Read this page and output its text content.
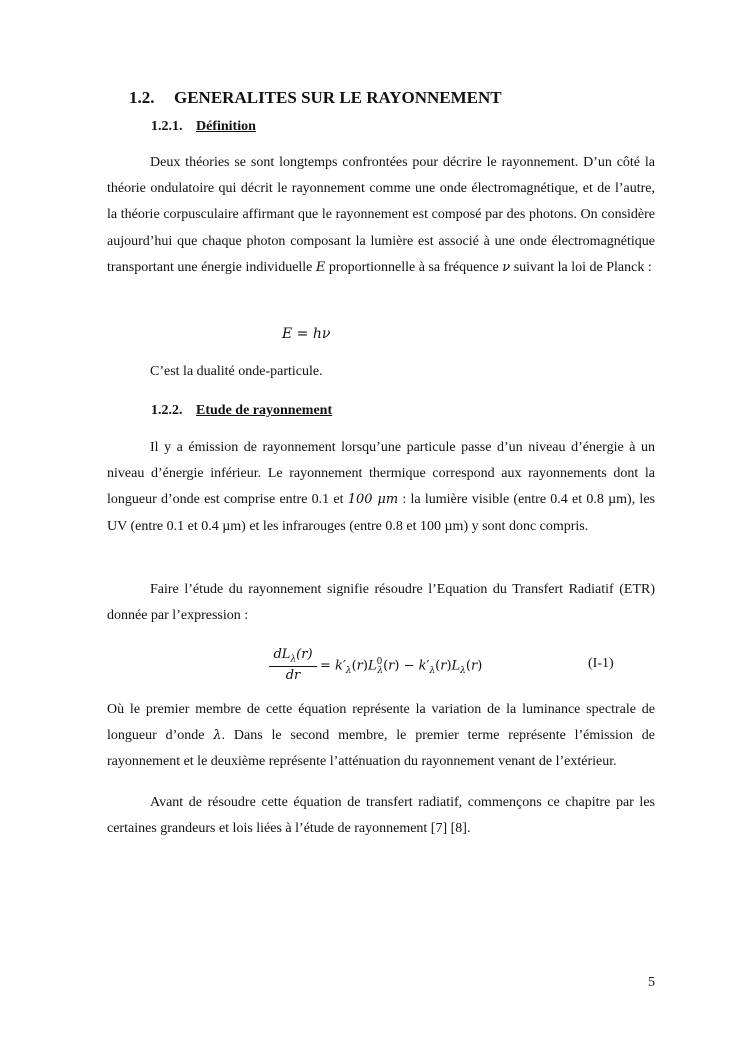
1.2. GENERALITES SUR LE RAYONNEMENT
1.2.1. Définition

Deux théories se sont longtemps confrontées pour décrire le rayonnement. D’un côté la théorie ondulatoire qui décrit le rayonnement comme une onde électromagnétique, et de l’autre, la théorie corpusculaire affirmant que le rayonnement est composé par des photons. On considère aujourd’hui que chaque photon composant la lumière est associé à une onde électromagnétique transportant une énergie individuelle E proportionnelle à sa fréquence ν suivant la loi de Planck :

E = hν

C’est la dualité onde-particule.

1.2.2. Etude de rayonnement

Il y a émission de rayonnement lorsqu’une particule passe d’un niveau d’énergie à un niveau d’énergie inférieur. Le rayonnement thermique correspond aux rayonnements dont la longueur d’onde est comprise entre 0.1 et 100 μm : la lumière visible (entre 0.4 et 0.8 µm), les UV (entre 0.1 et 0.4 µm) et les infrarouges (entre 0.8 et 100 µm) y sont donc compris.

Faire l’étude du rayonnement signifie résoudre l’Equation du Transfert Radiatif (ETR) donnée par l’expression :

$dL_\lambda(r)$
dr
= $k'_\lambda(r)L^0_\lambda(r) - k'_\lambda(r)L_\lambda(r)$	(I-1)

Où le premier membre de cette équation représente la variation de la luminance spectrale de longueur d’onde λ. Dans le second membre, le premier terme représente l’émission de rayonnement et le deuxième représente l’atténuation du rayonnement venant de l’extérieur.

Avant de résoudre cette équation de transfert radiatif, commençons ce chapitre par les certaines grandeurs et lois liées à l’étude de rayonnement [7] [8].

5
